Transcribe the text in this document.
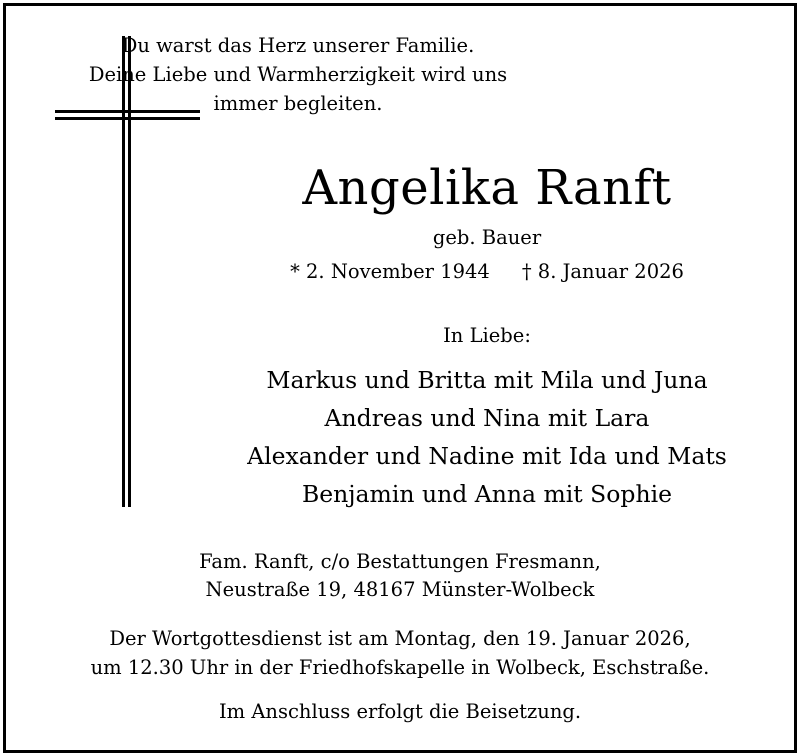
Du warst das Herz unserer Familie.
Deine Liebe und Warmherzigkeit wird uns
immer begleiten.
Angelika Ranft
geb. Bauer
* 2. November 1944 † 8. Januar 2026
In Liebe:
Markus und Britta mit Mila und Juna
Andreas und Nina mit Lara
Alexander und Nadine mit Ida und Mats
Benjamin und Anna mit Sophie
Fam. Ranft, c/o Bestattungen Fresmann,
Neustraße 19, 48167 Münster-Wolbeck
Der Wortgottesdienst ist am Montag, den 19. Januar 2026,
um 12.30 Uhr in der Friedhofskapelle in Wolbeck, Eschstraße.
Im Anschluss erfolgt die Beisetzung.
